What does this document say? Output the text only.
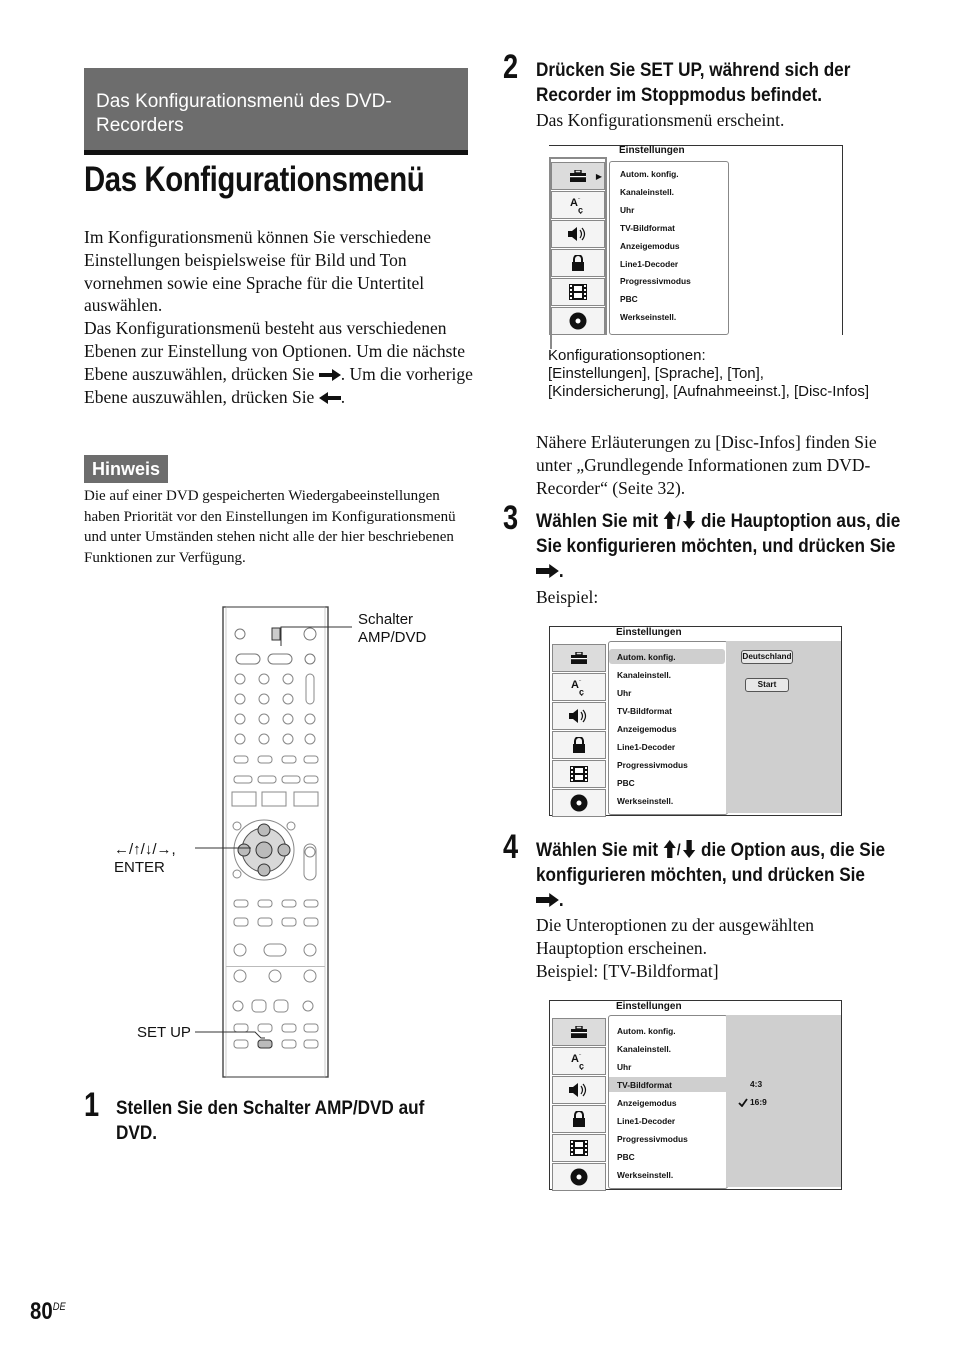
Das Konfigurationsmenü des DVD-Recorders
Das Konfigurationsmenü
Im Konfigurationsmenü können Sie verschiedene Einstellungen beispielsweise für Bild und Ton vornehmen sowie eine Sprache für die Untertitel auswählen.
Das Konfigurationsmenü besteht aus verschiedenen Ebenen zur Einstellung von Optionen. Um die nächste Ebene auszuwählen, drücken Sie . Um die vorherige Ebene auszuwählen, drücken Sie .
Hinweis
Die auf einer DVD gespeicherten Wiedergabeeinstellungen haben Priorität vor den Einstellungen im Konfigurationsmenü und unter Umständen stehen nicht alle der hier beschriebenen Funktionen zur Verfügung.
Schalter
AMP/DVD
←/↑/↓/→,
ENTER
SET UP
1 Stellen Sie den Schalter AMP/DVD auf DVD.
2 Drücken Sie SET UP, während sich der Recorder im Stoppmodus befindet.
Das Konfigurationsmenü erscheint.
Einstellungen
▶
A
ç
¨
Autom. konfig.
Kanaleinstell.
Uhr
TV-Bildformat
Anzeigemodus
Line1-Decoder
Progressivmodus
PBC
Werkseinstell.
Konfigurationsoptionen:
[Einstellungen], [Sprache], [Ton],
[Kindersicherung], [Aufnahmeeinst.], [Disc-Infos]
Nähere Erläuterungen zu [Disc-Infos] finden Sie unter „Grundlegende Informationen zum DVD-Recorder“ (Seite 32).
3 Wählen Sie mit / die Hauptoption aus, die Sie konfigurieren möchten, und drücken Sie .
Beispiel:
Einstellungen
A
ç
¨
Autom. konfig.
Kanaleinstell.
Uhr
TV-Bildformat
Anzeigemodus
Line1-Decoder
Progressivmodus
PBC
Werkseinstell.
Deutschland
Start
4 Wählen Sie mit / die Option aus, die Sie konfigurieren möchten, und drücken Sie .
Die Unteroptionen zu der ausgewählten Hauptoption erscheinen.
Beispiel: [TV-Bildformat]
Einstellungen
A
ç
¨
Autom. konfig.
Kanaleinstell.
Uhr
TV-Bildformat
Anzeigemodus
Line1-Decoder
Progressivmodus
PBC
Werkseinstell.
4:3
16:9
80DE
